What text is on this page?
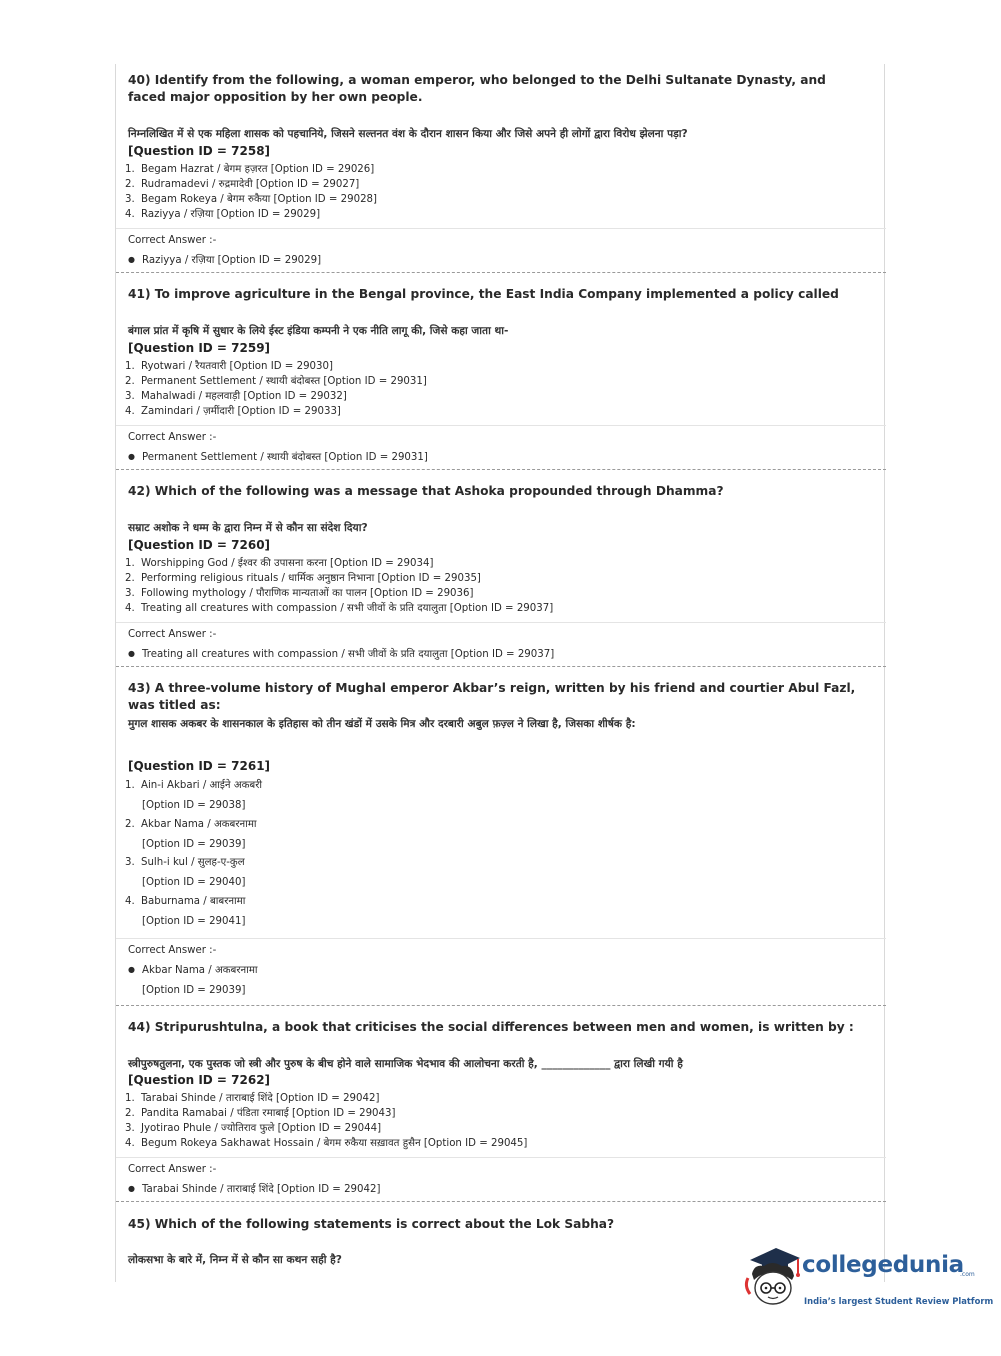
40) Identify from the following, a woman emperor, who belonged to the Delhi Sultanate Dynasty, and faced major opposition by her own people.
निम्नलिखित में से एक महिला शासक को पहचानिये, जिसने सल्तनत वंश के दौरान शासन किया और जिसे अपने ही लोगों द्वारा विरोध झेलना पड़ा?
[Question ID = 7258]
1. Begam Hazrat / बेगम हज़रत [Option ID = 29026]
2. Rudramadevi / रुद्रमादेवी [Option ID = 29027]
3. Begam Rokeya / बेगम रुकैया [Option ID = 29028]
4. Raziyya / रज़िया [Option ID = 29029]
Correct Answer :-
● Raziyya / रज़िया [Option ID = 29029]
41) To improve agriculture in the Bengal province, the East India Company implemented a policy called
बंगाल प्रांत में कृषि में सुधार के लिये ईस्ट इंडिया कम्पनी ने एक नीति लागू की, जिसे कहा जाता था-
[Question ID = 7259]
1. Ryotwari / रैयतवारी [Option ID = 29030]
2. Permanent Settlement / स्थायी बंदोबस्त [Option ID = 29031]
3. Mahalwadi / महलवाड़ी [Option ID = 29032]
4. Zamindari / ज़मींदारी [Option ID = 29033]
Correct Answer :-
● Permanent Settlement / स्थायी बंदोबस्त [Option ID = 29031]
42) Which of the following was a message that Ashoka propounded through Dhamma?
सम्राट अशोक ने धम्म के द्वारा निम्न में से कौन सा संदेश दिया?
[Question ID = 7260]
1. Worshipping God / ईश्वर की उपासना करना [Option ID = 29034]
2. Performing religious rituals / धार्मिक अनुष्ठान निभाना [Option ID = 29035]
3. Following mythology / पौराणिक मान्यताओं का पालन [Option ID = 29036]
4. Treating all creatures with compassion / सभी जीवों के प्रति दयालुता [Option ID = 29037]
Correct Answer :-
● Treating all creatures with compassion / सभी जीवों के प्रति दयालुता [Option ID = 29037]
43) A three-volume history of Mughal emperor Akbar’s reign, written by his friend and courtier Abul Fazl, was titled as:
मुगल शासक अकबर के शासनकाल के इतिहास को तीन खंडों में उसके मित्र और दरबारी अबुल फ़ज़्ल ने लिखा है, जिसका शीर्षक है:
[Question ID = 7261]
1. Ain-i Akbari / आईने अकबरी
[Option ID = 29038]
2. Akbar Nama / अकबरनामा
[Option ID = 29039]
3. Sulh-i kul / सुलह-ए-कुल
[Option ID = 29040]
4. Baburnama / बाबरनामा
[Option ID = 29041]
Correct Answer :-
● Akbar Nama / अकबरनामा
[Option ID = 29039]
44) Stripurushtulna, a book that criticises the social differences between men and women, is written by :
स्त्रीपुरुषतुलना, एक पुस्तक जो स्त्री और पुरुष के बीच होने वाले सामाजिक भेदभाव की आलोचना करती है, _____________ द्वारा लिखी गयी है
[Question ID = 7262]
1. Tarabai Shinde / ताराबाई शिंदे [Option ID = 29042]
2. Pandita Ramabai / पंडिता रमाबाई [Option ID = 29043]
3. Jyotirao Phule / ज्योतिराव फुले [Option ID = 29044]
4. Begum Rokeya Sakhawat Hossain / बेगम रुकैया सख़ावत हुसैन [Option ID = 29045]
Correct Answer :-
● Tarabai Shinde / ताराबाई शिंदे [Option ID = 29042]
45) Which of the following statements is correct about the Lok Sabha?
लोकसभा के बारे में, निम्न में से कौन सा कथन सही है?	collegedunia
.com
India’s largest Student Review Platform
